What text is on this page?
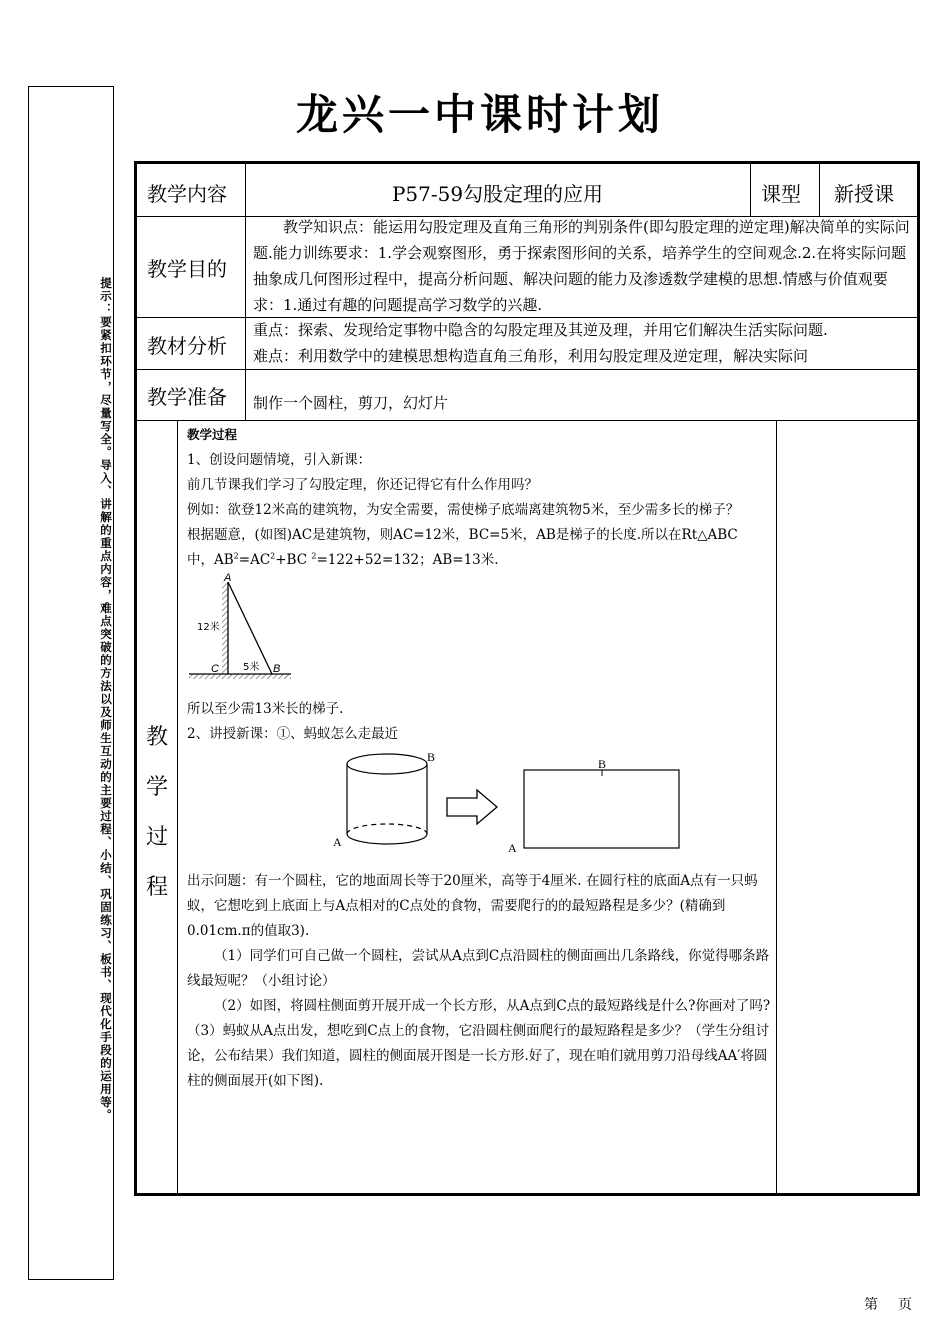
提示：要紧扣环节，尽量写全。导入、讲解的重点内容，难点突破的方法以及师生互动的主要过程、小结、巩固练习、板书、现代化手段的运用等。
龙兴一中课时计划
教学内容	P57-59勾股定理的应用	课型 新授课
教学目的
教学知识点：能运用勾股定理及直角三角形的判别条件(即勾股定理的逆定理)解决简单的实际问题.能力训练要求：1.学会观察图形，勇于探索图形间的关系，培养学生的空间观念.2.在将实际问题抽象成几何图形过程中，提高分析问题、解决问题的能力及渗透数学建模的思想.情感与价值观要求：1.通过有趣的问题提高学习数学的兴趣.
教材分析
重点：探索、发现给定事物中隐含的勾股定理及其逆及理，并用它们解决生活实际问题.
难点：利用数学中的建模思想构造直角三角形，利用勾股定理及逆定理，解决实际问
教学准备 制作一个圆柱，剪刀，幻灯片
教
学
过
程

教学过程

1、创设问题情境，引入新课：

前几节课我们学习了勾股定理，你还记得它有什么作用吗？

例如：欲登12米高的建筑物，为安全需要，需使梯子底端离建筑物5米，至少需多长的梯子？

根据题意，(如图)AC是建筑物，则AC=12米，BC=5米，AB是梯子的长度.所以在Rt△ABC

中，$AB^2=AC^2+BC$ $^2$=122+52=132；AB=13米.

A
12米
C 5米 B

所以至少需13米长的梯子.

2、讲授新课：①、蚂蚁怎么走最近

B
A
B
A

出示问题：有一个圆柱，它的地面周长等于20厘米，高等于4厘米. 在圆行柱的底面A点有一只蚂蚁，它想吃到上底面上与A点相对的C点处的食物，需要爬行的的最短路程是多少？(精确到0.01cm.π的值取3).

（1）同学们可自己做一个圆柱，尝试从A点到C点沿圆柱的侧面画出几条路线，你觉得哪条路线最短呢？（小组讨论）

（2）如图，将圆柱侧面剪开展开成一个长方形，从A点到C点的最短路线是什么?你画对了吗?

（3）蚂蚁从A点出发，想吃到C点上的食物，它沿圆柱侧面爬行的最短路程是多少？（学生分组讨论，公布结果）我们知道，圆柱的侧面展开图是一长方形.好了，现在咱们就用剪刀沿母线AA′将圆柱的侧面展开(如下图).

第页
